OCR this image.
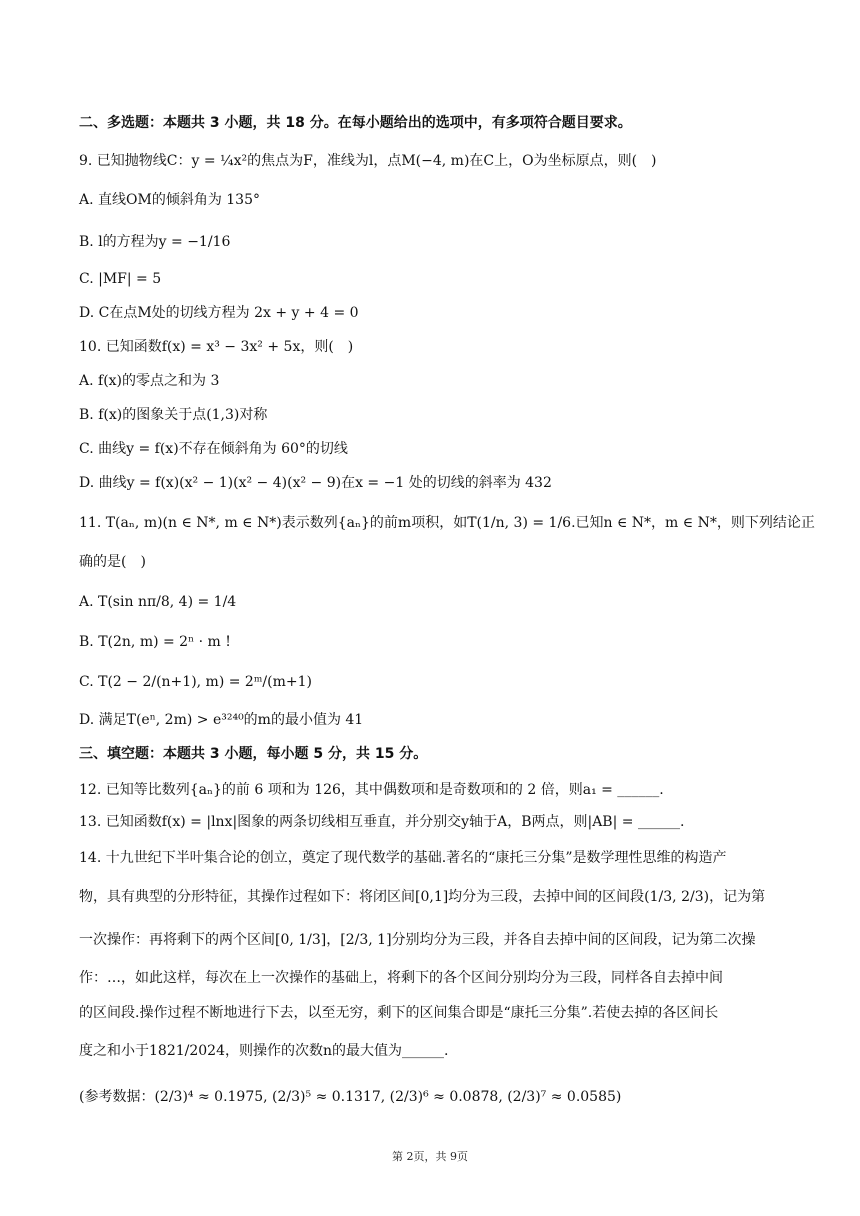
二、多选题：本题共 3 小题，共 18 分。在每小题给出的选项中，有多项符合题目要求。
9. 已知抛物线C：y = ¼x²的焦点为F，准线为l，点M(−4, m)在C上，O为坐标原点，则(　)
A. 直线OM的倾斜角为 135°
B. l的方程为y = −1/16
C. |MF| = 5
D. C在点M处的切线方程为 2x + y + 4 = 0
10. 已知函数f(x) = x³ − 3x² + 5x，则(　)
A. f(x)的零点之和为 3
B. f(x)的图象关于点(1,3)对称
C. 曲线y = f(x)不存在倾斜角为 60°的切线
D. 曲线y = f(x)(x² − 1)(x² − 4)(x² − 9)在x = −1 处的切线的斜率为 432
11. T(aₙ, m)(n ∈ N*, m ∈ N*)表示数列{aₙ}的前m项积，如T(1/n, 3) = 1/6.已知n ∈ N*，m ∈ N*，则下列结论正
确的是(　)
A. T(sin nπ/8, 4) = 1/4
B. T(2n, m) = 2ⁿ · m !
C. T(2 − 2/(n+1), m) = 2ᵐ/(m+1)
D. 满足T(eⁿ, 2m) > e³²⁴⁰的m的最小值为 41
三、填空题：本题共 3 小题，每小题 5 分，共 15 分。
12. 已知等比数列{aₙ}的前 6 项和为 126，其中偶数项和是奇数项和的 2 倍，则a₁ = ______.
13. 已知函数f(x) = |lnx|图象的两条切线相互垂直，并分别交y轴于A，B两点，则|AB| = ______.
14. 十九世纪下半叶集合论的创立，奠定了现代数学的基础.著名的“康托三分集”是数学理性思维的构造产
物，具有典型的分形特征，其操作过程如下：将闭区间[0,1]均分为三段，去掉中间的区间段(1/3, 2/3)，记为第
一次操作：再将剩下的两个区间[0, 1/3]，[2/3, 1]分别均分为三段，并各自去掉中间的区间段，记为第二次操
作：…，如此这样，每次在上一次操作的基础上，将剩下的各个区间分别均分为三段，同样各自去掉中间
的区间段.操作过程不断地进行下去，以至无穷，剩下的区间集合即是“康托三分集”.若使去掉的各区间长
度之和小于1821/2024，则操作的次数n的最大值为______.
(参考数据：(2/3)⁴ ≈ 0.1975, (2/3)⁵ ≈ 0.1317, (2/3)⁶ ≈ 0.0878, (2/3)⁷ ≈ 0.0585)
第 2页，共 9页
